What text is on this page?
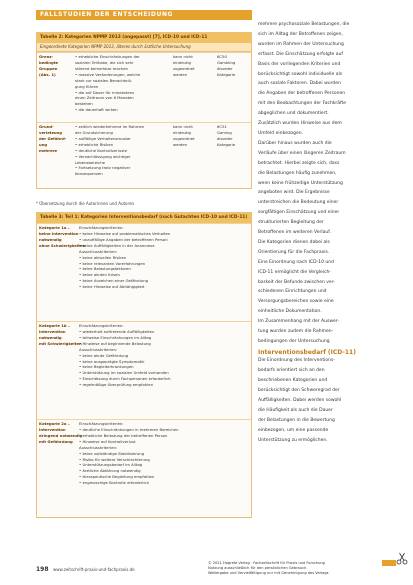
FALLSTUDIEN DER ENTSCHEIDUNG
Tabelle 2: Kategorien NPMP 2013 (angepasst) [7], ICD-10 und ICD-11
Eingeordnete Kategorien NPMP 2013, älteres durch ärztliche Untersuchung
Grenz-
bedingte
Gruppen
(Abs. 1)
• erhebliche Einschränkungen der
sozialen Teilhabe, die sich sehr
störend bemerkbar machen
• massive Veränderungen, welche
stark zur sozialen Benachteili-
gung führen
• die auf Dauer für mindestens
einen Zeitraum von 6 Monaten
bestehen
• die dauerhaft wirken
kann nicht
eindeutig
zugeordnet
werden
6C50
Gambling
disorder
Kategorie
Grund-
verletzung
der Gefährd-
ung
mehrere
• zeitlich wiederkehrend im Rahmen
der Grundsicherung
• auffällige Verhaltensmuster
• erhebliche Risiken
• deutliche Kontrollverluste
• Vernachlässigung wichtiger
Lebensbereiche
• Fortsetzung trotz negativer
Konsequenzen
kann nicht
eindeutig
zugeordnet
werden
6C51
Gaming
disorder
Kategorie
* Übersetzung durch die Autorinnen und Autoren
Tabelle 3: Teil 1: Kategorien Interventionsbedarf (nach Gutachten ICD-10 und ICD-11)
Kategorie 1a –
keine Intervention
notwendig
ohne Schwierigkeiten
Einschätzungskriterien:
• keine Hinweise auf problematisches Verhalten
• unauffällige Angaben der betroffenen Person
• keine Auffälligkeiten in der Anamnese
Ausschlusskriterien:
• keine aktuellen Risiken
• keine relevanten Vorerfahrungen
• keine Belastungsfaktoren
• keine akuten Krisen
• keine Anzeichen einer Gefährdung
• keine Hinweise auf Abhängigkeit
Kategorie 1b –
Intervention
notwendig
mit Schwierigkeiten
Einschätzungskriterien:
• wiederholt auftretende Auffälligkeiten
• teilweise Einschränkungen im Alltag
• Hinweise auf beginnende Belastung
Ausschlusskriterien:
• keine akute Gefährdung
• keine ausgeprägte Symptomatik
• keine Begleiterkrankungen
• Unterstützung im sozialen Umfeld vorhanden
• Einschätzung durch Fachpersonen erforderlich
• regelmäßige Überprüfung empfohlen
Kategorie 2a –
Intervention
dringend notwendig
mit Gefährdung
Einschätzungskriterien:
• deutliche Einschränkungen in mehreren Bereichen
• erhebliche Belastung der betroffenen Person
• Hinweise auf Kontrollverlust
Ausschlusskriterien:
• keine vollständige Stabilisierung
• Risiko für weitere Verschlechterung
• Unterstützungsbedarf im Alltag
• ärztliche Abklärung notwendig
• therapeutische Begleitung empfohlen
• engmaschige Kontrolle erforderlich

mehrere psychosoziale Belastungen, die
sich im Alltag der Betroffenen zeigen,
wurden im Rahmen der Untersuchung
erfasst. Die Einschätzung erfolgte auf
Basis der vorliegenden Kriterien und
berücksichtigt sowohl individuelle als
auch soziale Faktoren. Dabei wurden
die Angaben der betroffenen Personen
mit den Beobachtungen der Fachkräfte
abgeglichen und dokumentiert.
Zusätzlich wurden Hinweise aus dem
Umfeld einbezogen.

Darüber hinaus wurden auch die
Verläufe über einen längeren Zeitraum
betrachtet. Hierbei zeigte sich, dass
die Belastungen häufig zunehmen,
wenn keine frühzeitige Unterstützung
angeboten wird. Die Ergebnisse
unterstreichen die Bedeutung einer
sorgfältigen Einschätzung und einer
strukturierten Begleitung der
Betroffenen im weiteren Verlauf.
Die Kategorien dienen dabei als
Orientierung für die Fachpraxis.
Eine Einordnung nach ICD-10 und
ICD-11 ermöglicht die Vergleich-
barkeit der Befunde zwischen ver-
schiedenen Einrichtungen und
Versorgungsbereichen sowie eine
einheitliche Dokumentation.

Im Zusammenhang mit der Auswer-
tung wurden zudem die Rahmen-
bedingungen der Untersuchung

Interventionsbedarf (ICD-11)

Die Einordnung des Interventions-
bedarfs orientiert sich an den
beschriebenen Kategorien und
berücksichtigt den Schweregrad der
Auffälligkeiten. Dabei werden sowohl
die Häufigkeit als auch die Dauer
der Belastungen in die Bewertung
einbezogen, um eine passende
Unterstützung zu ermöglichen.

198 www.zeitschrift-praxis-und-fachpraxis.de
© 2021 Hogrefe Verlag · Fachzeitschrift für Praxis und Forschung
Nutzung ausschließlich für den persönlichen Gebrauch
Weitergabe und Vervielfältigung nur mit Genehmigung des Verlags
